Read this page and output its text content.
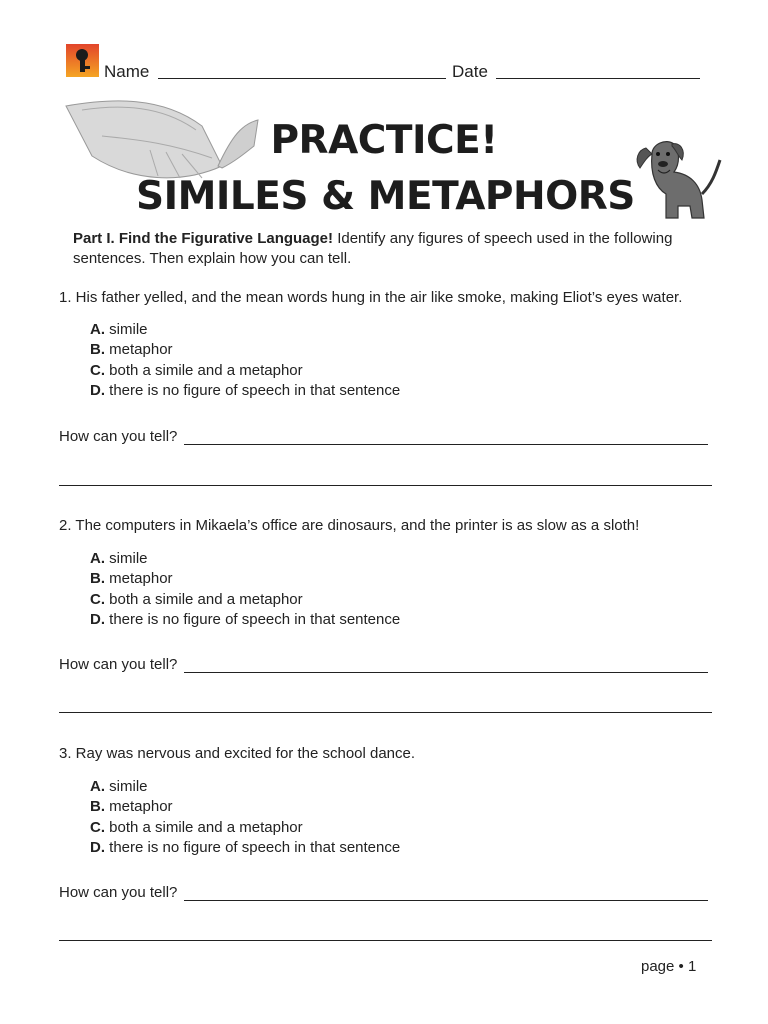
Name	Date
PRACTICE!
SIMILES & METAPHORS
Part I. Find the Figurative Language! Identify any figures of speech used in the following sentences. Then explain how you can tell.
1. His father yelled, and the mean words hung in the air like smoke, making Eliot’s eyes water.
A. simile
B. metaphor
C. both a simile and a metaphor
D. there is no figure of speech in that sentence
How can you tell?
2. The computers in Mikaela’s office are dinosaurs, and the printer is as slow as a sloth!
A. simile
B. metaphor
C. both a simile and a metaphor
D. there is no figure of speech in that sentence
How can you tell?
3. Ray was nervous and excited for the school dance.
A. simile
B. metaphor
C. both a simile and a metaphor
D. there is no figure of speech in that sentence
How can you tell?
page • 1
